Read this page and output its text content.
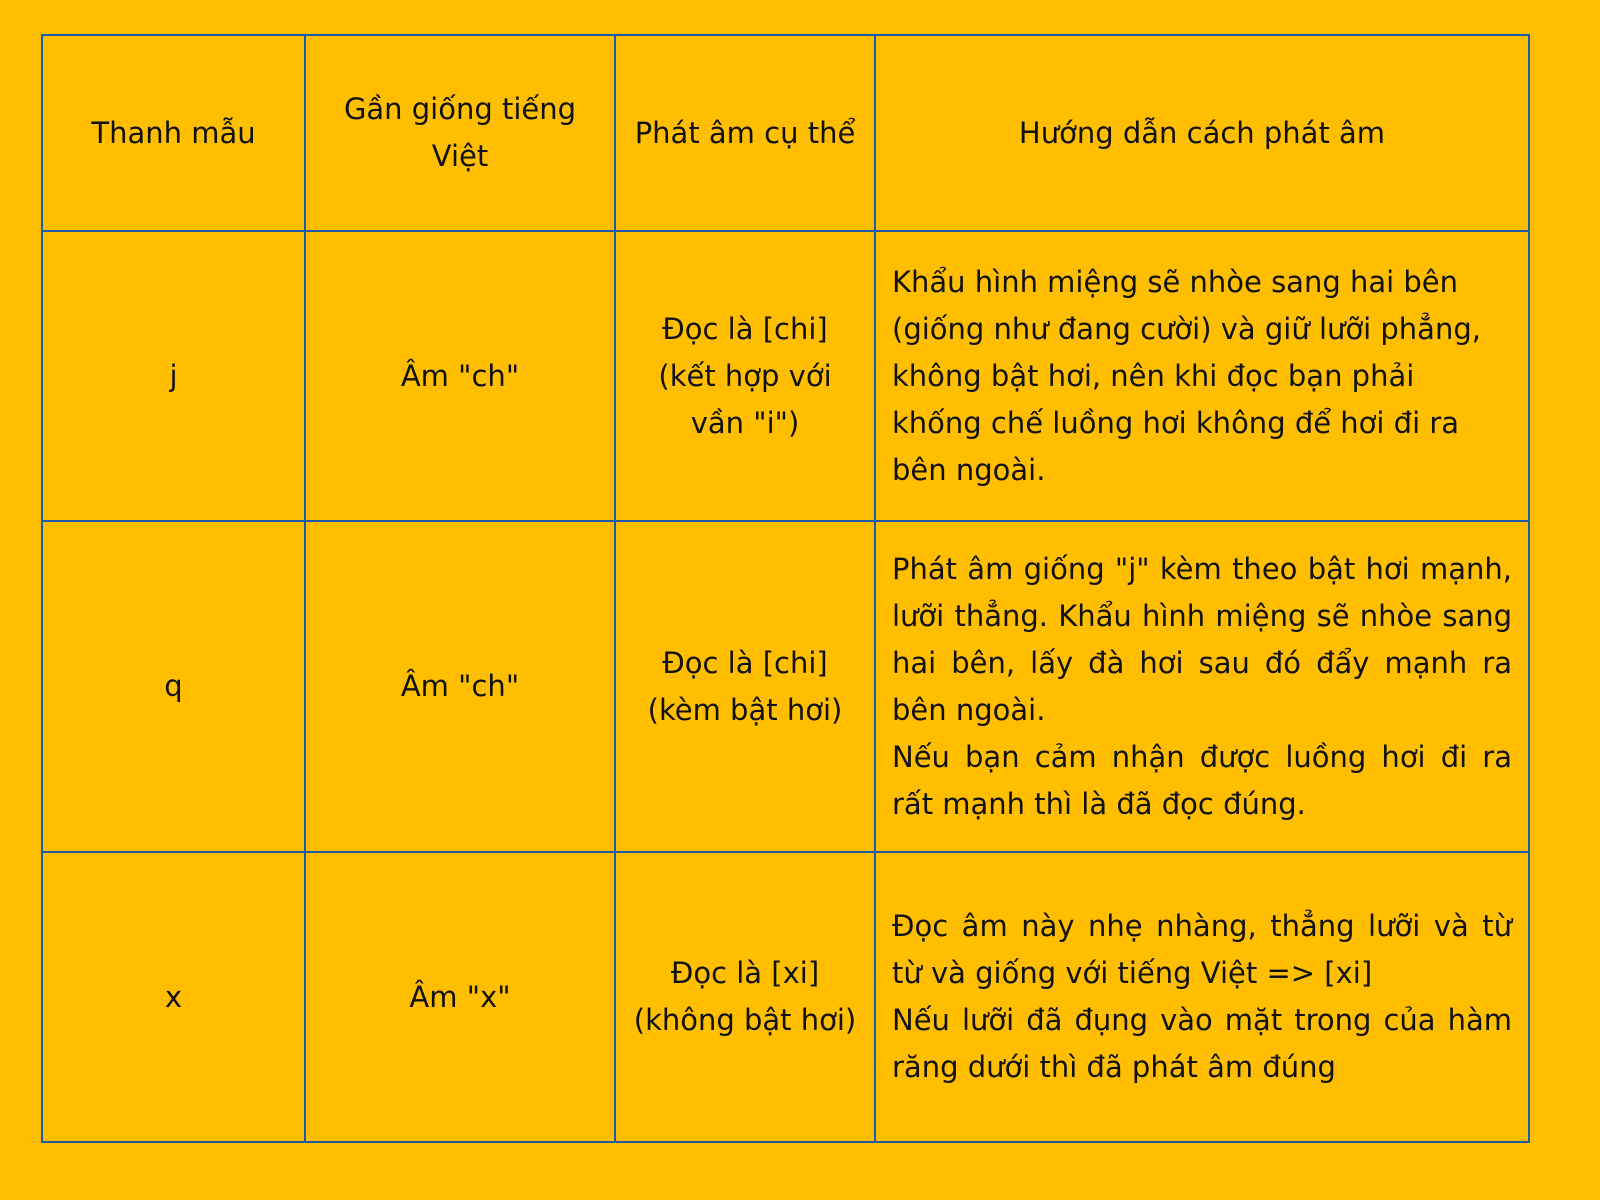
Thanh mẫu	Gần giống tiếng Việt	Phát âm cụ thể	Hướng dẫn cách phát âm
j	Âm "ch"	Đọc là [chi] (kết hợp với vần "i")	Khẩu hình miệng sẽ nhòe sang hai bên (giống như đang cười) và giữ lưỡi phẳng, không bật hơi, nên khi đọc bạn phải khống chế luồng hơi không để hơi đi ra bên ngoài.

q	Âm "ch"	Đọc là [chi] (kèm bật hơi)	Phát âm giống "j" kèm theo bật hơi mạnh, lưỡi thẳng. Khẩu hình miệng sẽ nhòe sang hai bên, lấy đà hơi sau đó đẩy mạnh ra bên ngoài.
Nếu bạn cảm nhận được luồng hơi đi ra rất mạnh thì là đã đọc đúng.

x	Âm "x"	Đọc là [xi] (không bật hơi)	Đọc âm này nhẹ nhàng, thẳng lưỡi và từ từ và giống với tiếng Việt => [xi]
Nếu lưỡi đã đụng vào mặt trong của hàm răng dưới thì đã phát âm đúng
